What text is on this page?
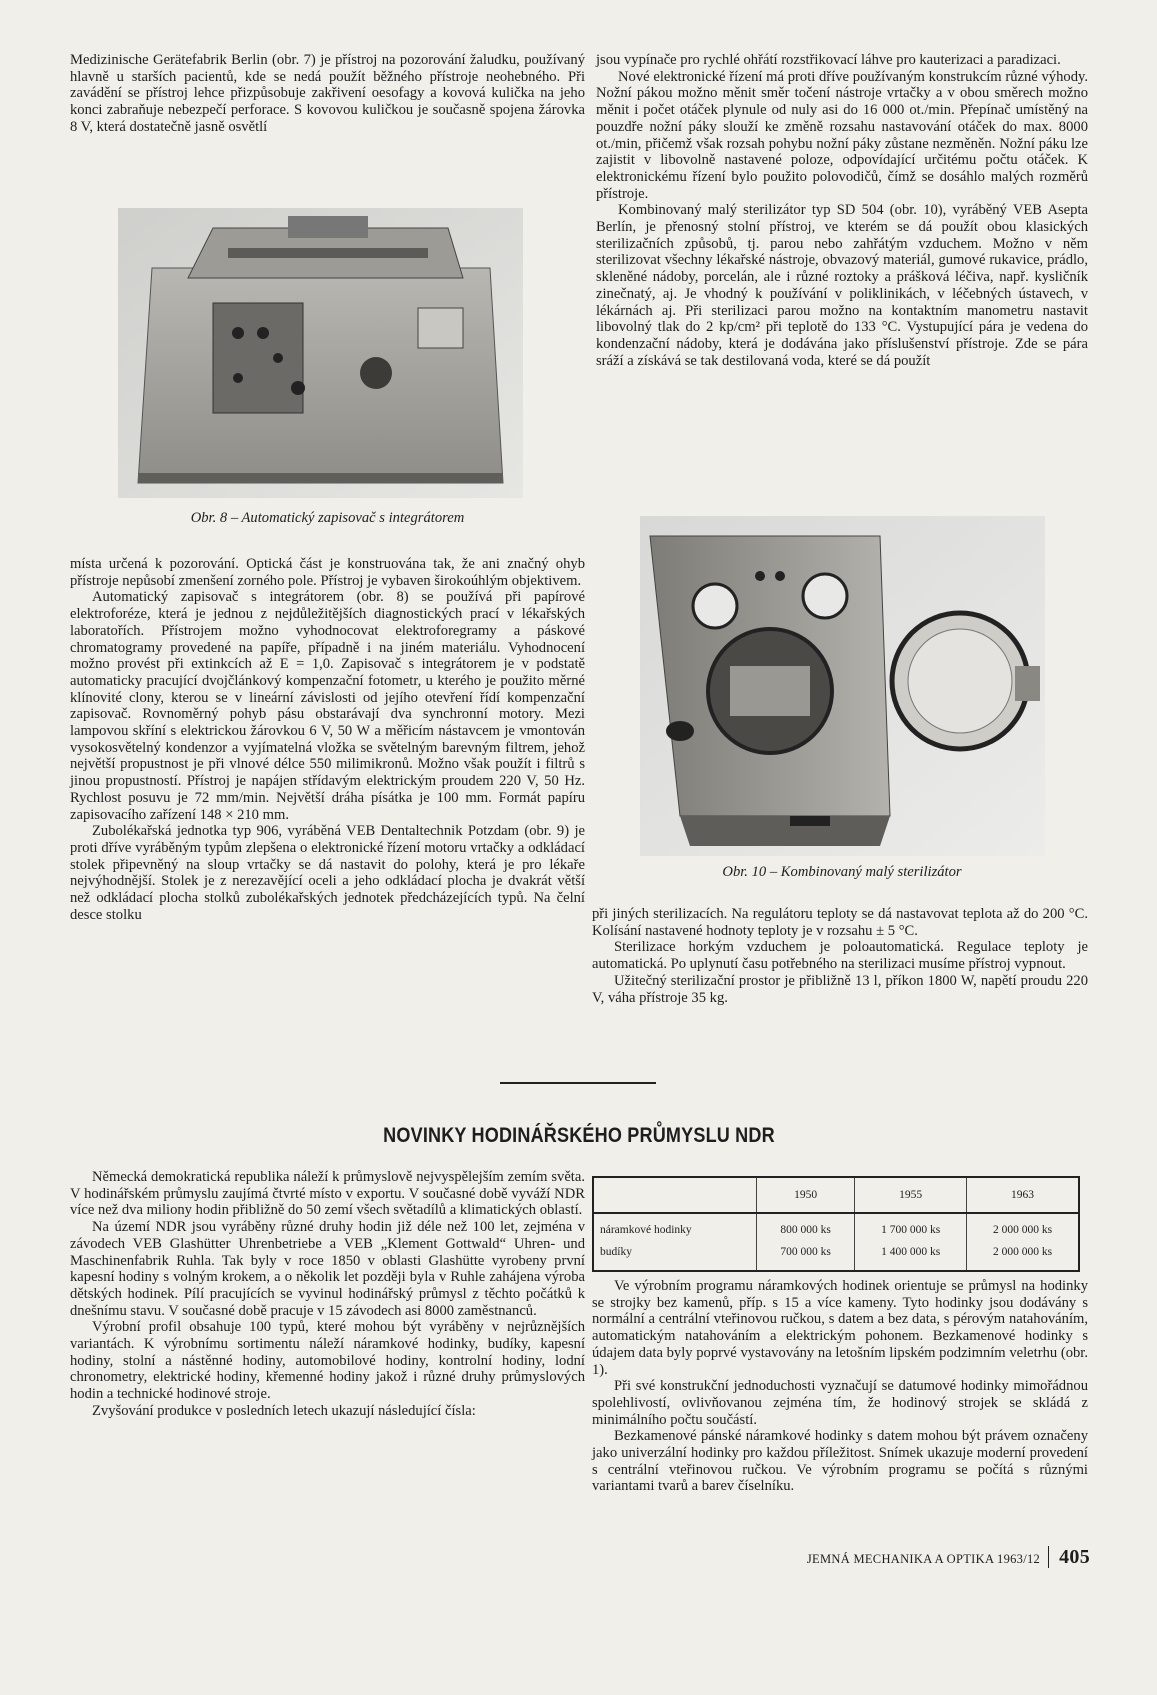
Medizinische Gerätefabrik Berlin (obr. 7) je přístroj na pozorování žaludku, používaný hlavně u starších pacientů, kde se nedá použít běžného přístroje neohebného. Při zavádění se přístroj lehce přizpůsobuje zakřivení oesofagy a kovová kulička na jeho konci zabraňuje nebezpečí perforace. S kovovou kuličkou je současně spojena žárovka 8 V, která dostatečně jasně osvětlí

Obr. 8 – Automatický zapisovač s integrátorem

jsou vypínače pro rychlé ohřátí rozstřikovací láhve pro kauterizaci a paradizaci.

Nové elektronické řízení má proti dříve používaným konstrukcím různé výhody. Nožní pákou možno měnit směr točení nástroje vrtačky a v obou směrech možno měnit i počet otáček plynule od nuly asi do 16 000 ot./min. Přepínač umístěný na pouzdře nožní páky slouží ke změně rozsahu nastavování otáček do max. 8000 ot./min, přičemž však rozsah pohybu nožní páky zůstane nezměněn. Nožní páku lze zajistit v libovolně nastavené poloze, odpovídající určitému počtu otáček. K elektronickému řízení bylo použito polovodičů, čímž se dosáhlo malých rozměrů přístroje.

Kombinovaný malý sterilizátor typ SD 504 (obr. 10), vyráběný VEB Asepta Berlín, je přenosný stolní přístroj, ve kterém se dá použít obou klasických sterilizačních způsobů, tj. parou nebo zahřátým vzduchem. Možno v něm sterilizovat všechny lékařské nástroje, obvazový materiál, gumové rukavice, prádlo, skleněné nádoby, porcelán, ale i různé roztoky a prášková léčiva, např. kysličník zinečnatý, aj. Je vhodný k používání v poliklinikách, v léčebných ústavech, v lékárnách aj. Při sterilizaci parou možno na kontaktním manometru nastavit libovolný tlak do 2 kp/cm² při teplotě do 133 °C. Vystupující pára je vedena do kondenzační nádoby, která je dodávána jako příslušenství přístroje. Zde se pára sráží a získává se tak destilovaná voda, které se dá použít

místa určená k pozorování. Optická část je konstruována tak, že ani značný ohyb přístroje nepůsobí zmenšení zorného pole. Přístroj je vybaven širokoúhlým objektivem.

Automatický zapisovač s integrátorem (obr. 8) se používá při papírové elektroforéze, která je jednou z nejdůležitějších diagnostických prací v lékařských laboratořích. Přístrojem možno vyhodnocovat elektroforegramy a páskové chromatogramy provedené na papíře, případně i na jiném materiálu. Vyhodnocení možno provést při extinkcích až E = 1,0. Zapisovač s integrátorem je v podstatě automaticky pracující dvojčlánkový kompenzační fotometr, u kterého je použito měrné klínovité clony, kterou se v lineární závislosti od jejího otevření řídí kompenzační zapisovač. Rovnoměrný pohyb pásu obstarávají dva synchronní motory. Mezi lampovou skříní s elektrickou žárovkou 6 V, 50 W a měřicím nástavcem je vmontován vysokosvětelný kondenzor a vyjímatelná vložka se světelným barevným filtrem, jehož největší propustnost je při vlnové délce 550 milimikronů. Možno však použít i filtrů s jinou propustností. Přístroj je napájen střídavým elektrickým proudem 220 V, 50 Hz. Rychlost posuvu je 72 mm/min. Největší dráha písátka je 100 mm. Formát papíru zapisovacího zařízení 148 × 210 mm.

Zubolékařská jednotka typ 906, vyráběná VEB Dentaltechnik Potzdam (obr. 9) je proti dříve vyráběným typům zlepšena o elektronické řízení motoru vrtačky a odkládací stolek připevněný na sloup vrtačky se dá nastavit do polohy, která je pro lékaře nejvýhodnější. Stolek je z nerezavějící oceli a jeho odkládací plocha je dvakrát větší než odkládací plocha stolků zubolékařských jednotek předcházejících typů. Na čelní desce stolku

Obr. 10 – Kombinovaný malý sterilizátor

při jiných sterilizacích. Na regulátoru teploty se dá nastavovat teplota až do 200 °C. Kolísání nastavené hodnoty teploty je v rozsahu ± 5 °C.

Sterilizace horkým vzduchem je poloautomatická. Regulace teploty je automatická. Po uplynutí času potřebného na sterilizaci musíme přístroj vypnout.

Užitečný sterilizační prostor je přibližně 13 l, příkon 1800 W, napětí proudu 220 V, váha přístroje 35 kg.

NOVINKY HODINÁŘSKÉHO PRŮMYSLU NDR

Německá demokratická republika náleží k průmyslově nejvyspělejším zemím světa. V hodinářském průmyslu zaujímá čtvrté místo v exportu. V současné době vyváží NDR více než dva miliony hodin přibližně do 50 zemí všech světadílů a klimatických oblastí.

Na území NDR jsou vyráběny různé druhy hodin již déle než 100 let, zejména v závodech VEB Glashütter Uhrenbetriebe a VEB „Klement Gottwald“ Uhren- und Maschinenfabrik Ruhla. Tak byly v roce 1850 v oblasti Glashütte vyrobeny první kapesní hodiny s volným krokem, a o několik let později byla v Ruhle zahájena výroba dětských hodinek. Pílí pracujících se vyvinul hodinářský průmysl z těchto počátků k dnešnímu stavu. V současné době pracuje v 15 závodech asi 8000 zaměstnanců.

Výrobní profil obsahuje 100 typů, které mohou být vyráběny v nejrůznějších variantách. K výrobnímu sortimentu náleží náramkové hodinky, budíky, kapesní hodiny, stolní a nástěnné hodiny, automobilové hodiny, kontrolní hodiny, lodní chronometry, elektrické hodiny, křemenné hodiny jakož i různé druhy průmyslových hodin a technické hodinové stroje.

Zvyšování produkce v posledních letech ukazují následující čísla:

	1950	1955	1963
náramkové hodinky	800 000 ks	1 700 000 ks	2 000 000 ks
budíky	700 000 ks	1 400 000 ks	2 000 000 ks

Ve výrobním programu náramkových hodinek orientuje se průmysl na hodinky se strojky bez kamenů, příp. s 15 a více kameny. Tyto hodinky jsou dodávány s normální a centrální vteřinovou ručkou, s datem a bez data, s pérovým natahováním, automatickým natahováním a elektrickým pohonem. Bezkamenové hodinky s údajem data byly poprvé vystavovány na letošním lipském podzimním veletrhu (obr. 1).

Při své konstrukční jednoduchosti vyznačují se datumové hodinky mimořádnou spolehlivostí, ovlivňovanou zejména tím, že hodinový strojek se skládá z minimálního počtu součástí.

Bezkamenové pánské náramkové hodinky s datem mohou být právem označeny jako univerzální hodinky pro každou příležitost. Snímek ukazuje moderní provedení s centrální vteřinovou ručkou. Ve výrobním programu se počítá s různými variantami tvarů a barev číselníku.

JEMNÁ MECHANIKA A OPTIKA 1963/12 405
